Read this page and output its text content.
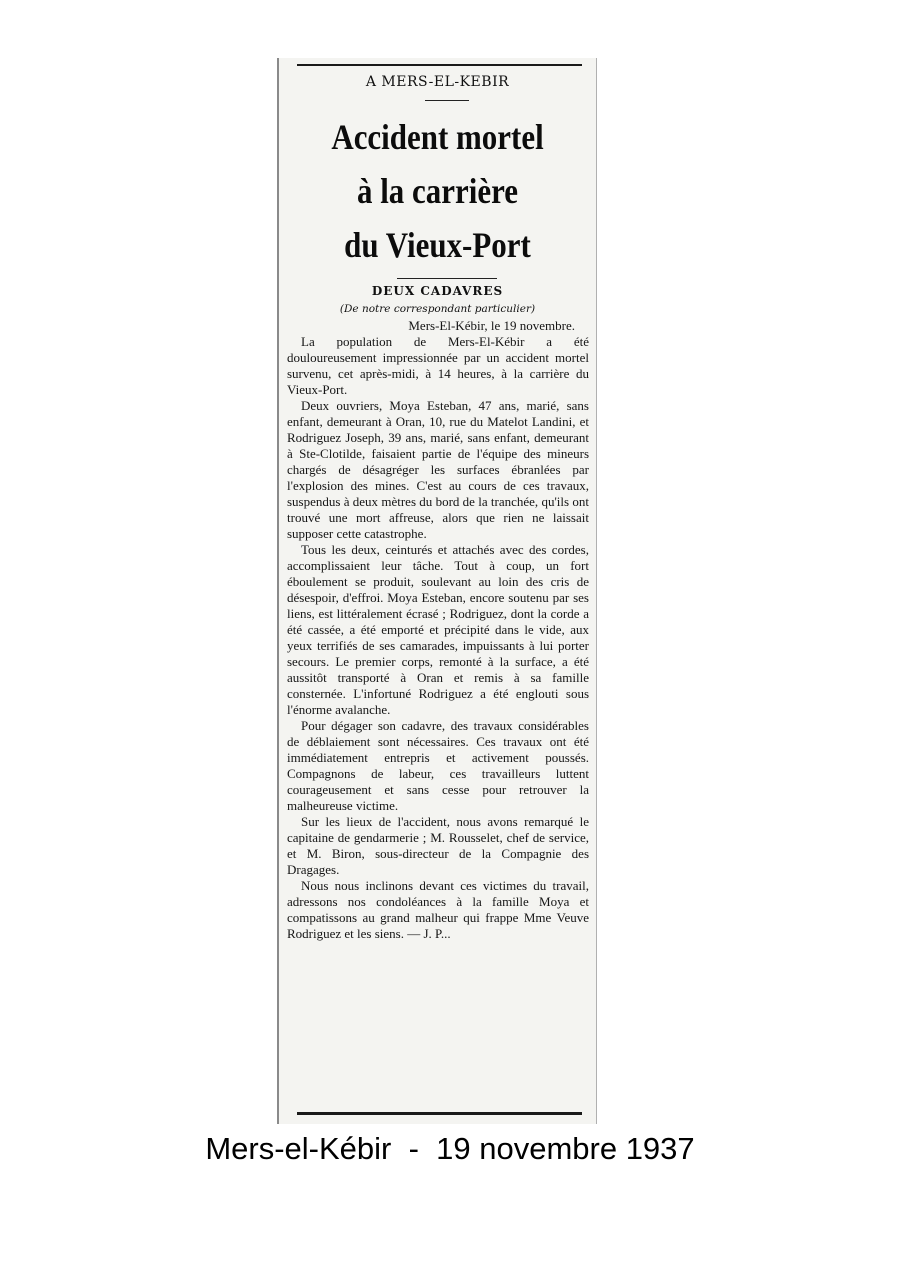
A MERS-EL-KEBIR
Accident mortel
à la carrière
du Vieux-Port
DEUX CADAVRES
(De notre correspondant particulier)

Mers-El-Kébir, le 19 novembre.

La population de Mers-El-Kébir a été douloureusement impressionnée par un accident mortel survenu, cet après-midi, à 14 heures, à la carrière du Vieux-Port.

Deux ouvriers, Moya Esteban, 47 ans, marié, sans enfant, demeurant à Oran, 10, rue du Matelot Landini, et Rodriguez Joseph, 39 ans, marié, sans enfant, demeurant à Ste-Clotilde, faisaient partie de l'équipe des mineurs chargés de désagréger les surfaces ébranlées par l'explosion des mines. C'est au cours de ces travaux, suspendus à deux mètres du bord de la tranchée, qu'ils ont trouvé une mort affreuse, alors que rien ne laissait supposer cette catastrophe.

Tous les deux, ceinturés et attachés avec des cordes, accomplissaient leur tâche. Tout à coup, un fort éboulement se produit, soulevant au loin des cris de désespoir, d'effroi. Moya Esteban, encore soutenu par ses liens, est littéralement écrasé ; Rodriguez, dont la corde a été cassée, a été emporté et précipité dans le vide, aux yeux terrifiés de ses camarades, impuissants à lui porter secours. Le premier corps, remonté à la surface, a été aussitôt transporté à Oran et remis à sa famille consternée. L'infortuné Rodriguez a été englouti sous l'énorme avalanche.

Pour dégager son cadavre, des travaux considérables de déblaiement sont nécessaires. Ces travaux ont été immédiatement entrepris et activement poussés. Compagnons de labeur, ces travailleurs luttent courageusement et sans cesse pour retrouver la malheureuse victime.

Sur les lieux de l'accident, nous avons remarqué le capitaine de gendarmerie ; M. Rousselet, chef de service, et M. Biron, sous-directeur de la Compagnie des Dragages.

Nous nous inclinons devant ces victimes du travail, adressons nos condoléances à la famille Moya et compatissons au grand malheur qui frappe Mme Veuve Rodriguez et les siens. — J. P...

Mers-el-Kébir  -  19 novembre 1937
